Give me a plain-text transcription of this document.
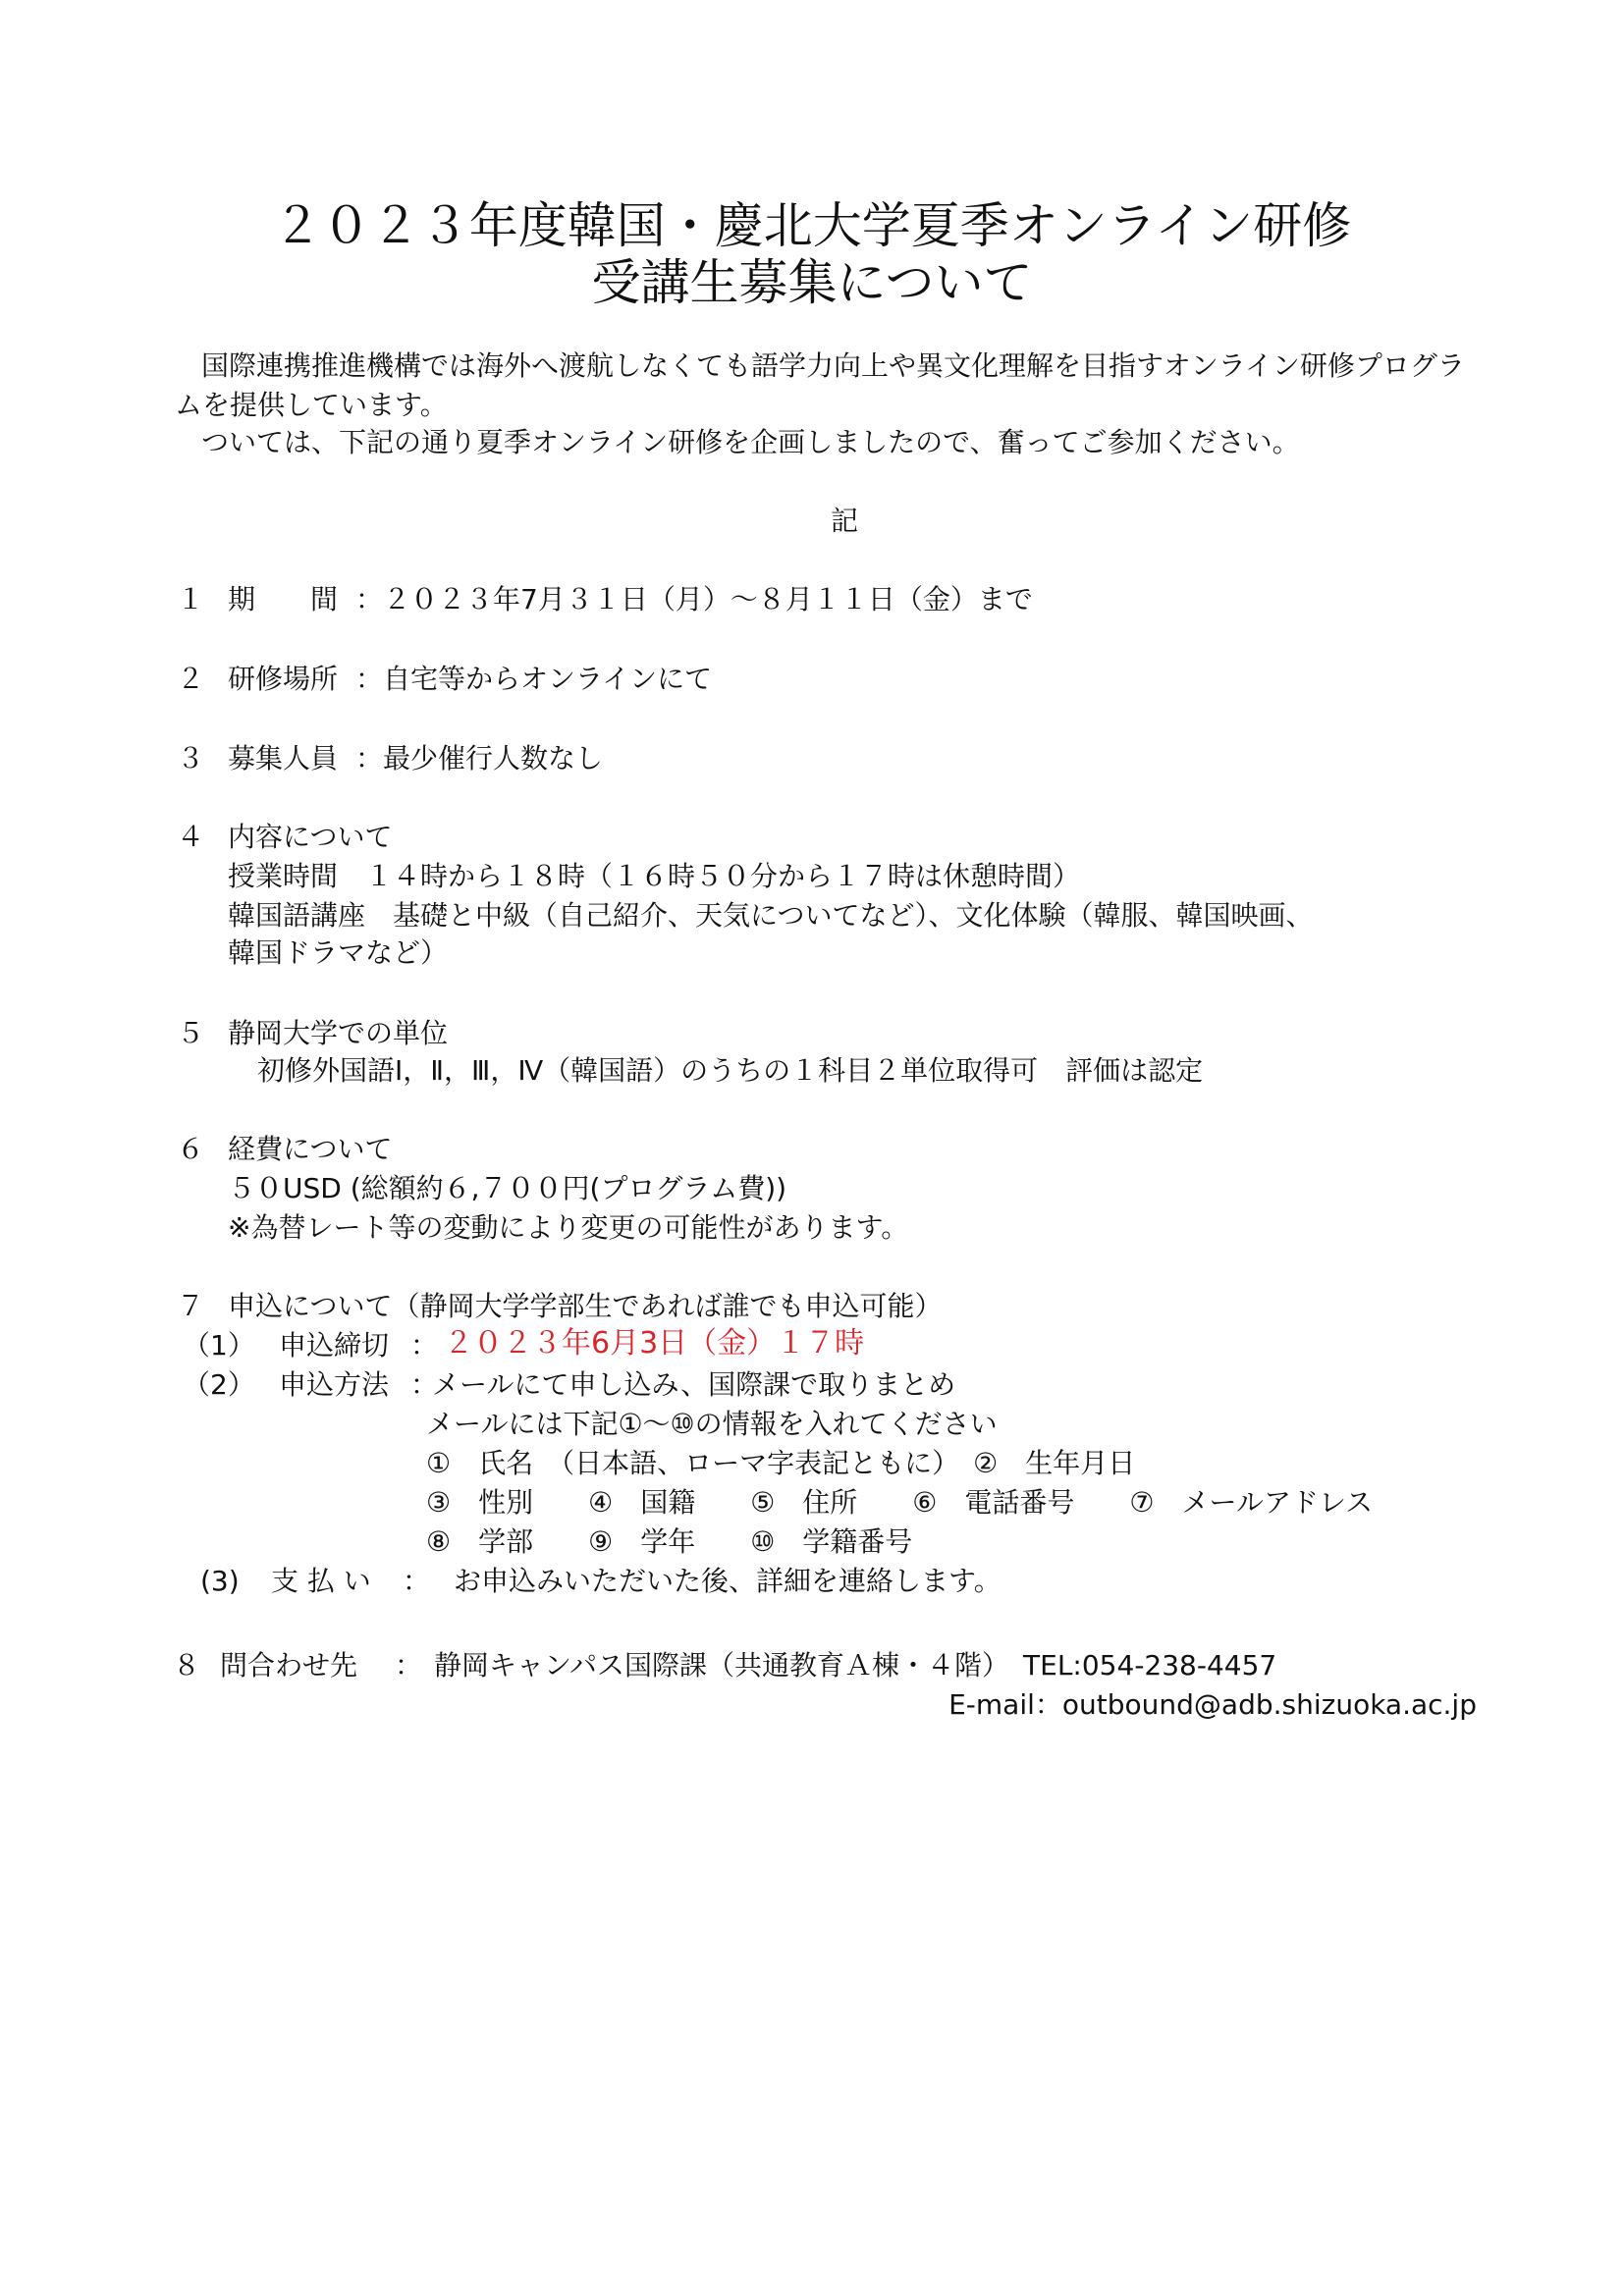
２０２３年度韓国・慶北大学夏季オンライン研修
受講生募集について
国際連携推進機構では海外へ渡航しなくても語学力向上や異文化理解を目指すオンライン研修プログラ
ムを提供しています。
ついては、下記の通り夏季オンライン研修を企画しましたので、奮ってご参加ください。
記
１ 期　　間 ： ２０２３年7月３１日（月）～８月１１日（金）まで
２ 研修場所 ： 自宅等からオンラインにて
３ 募集人員 ： 最少催行人数なし
４ 内容について
授業時間　１４時から１８時（１６時５０分から１７時は休憩時間）
韓国語講座　基礎と中級（自己紹介、天気についてなど）、文化体験（韓服、韓国映画、
韓国ドラマなど）
５ 静岡大学での単位
初修外国語Ⅰ，Ⅱ，Ⅲ，Ⅳ（韓国語）のうちの１科目２単位取得可　評価は認定
６ 経費について
５０USD (総額約６,７００円(プログラム費))
※為替レート等の変動により変更の可能性があります。
７ 申込について（静岡大学学部生であれば誰でも申込可能）
（1） 申込締切 ： ２０２３年6月3日（金）１７時
（2） 申込方法 ：
メールにて申し込み、国際課で取りまとめ
メールには下記①～⑩の情報を入れてください
①　氏名　（日本語、ローマ字表記ともに）　②　生年月日
③　性別　　④　国籍　　⑤　住所　　⑥　電話番号　　⑦　メールアドレス
⑧　学部　　⑨　学年　　⑩　学籍番号
(3) 支 払 い ： お申込みいただいた後、詳細を連絡します。
８ 問合わせ先 ： 静岡キャンパス国際課（共通教育Ａ棟・４階）　TEL:054-238-4457
E-mail：outbound@adb.shizuoka.ac.jp
